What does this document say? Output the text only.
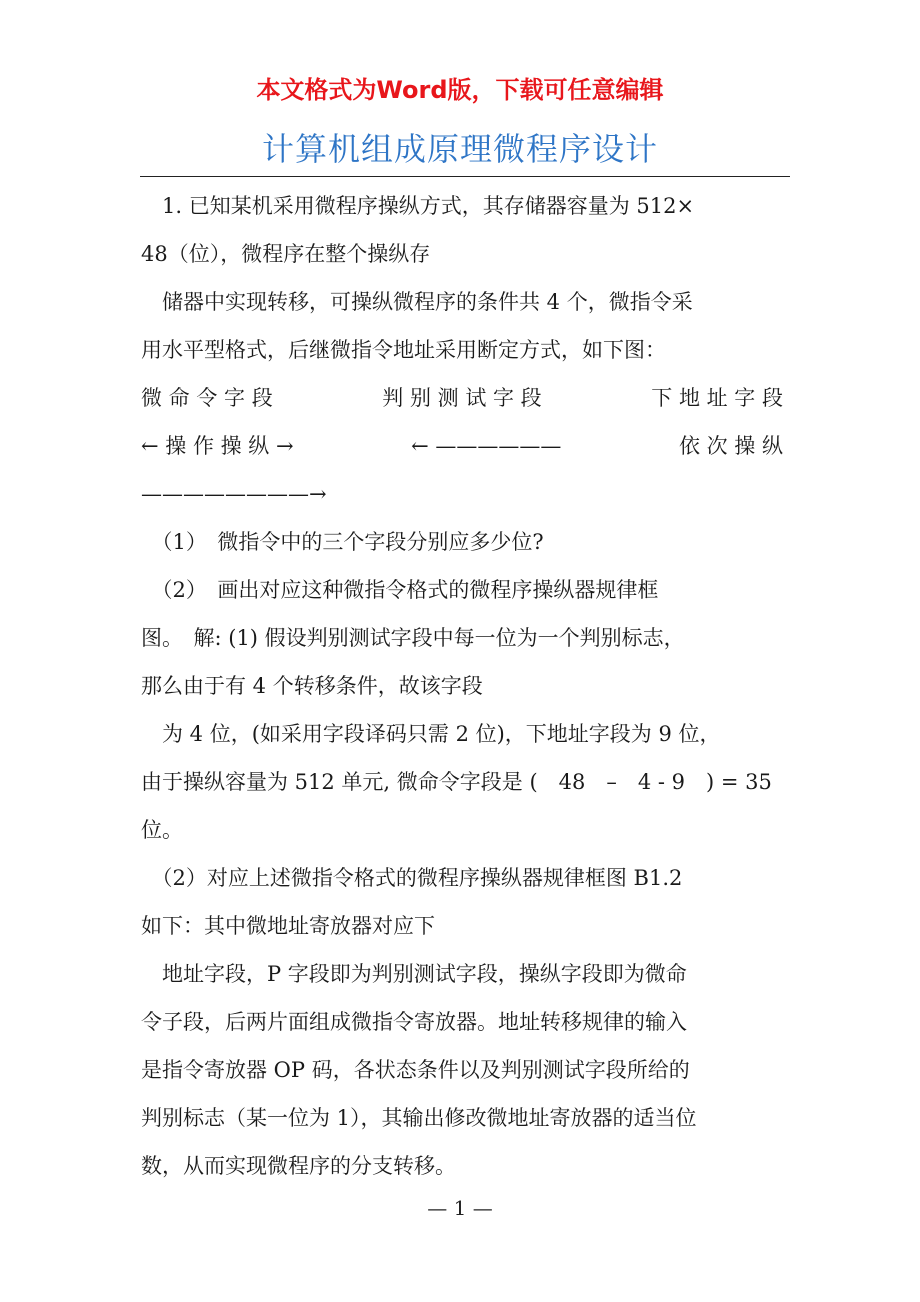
本文格式为Word版，下载可任意编辑
计算机组成原理微程序设计
　1. 已知某机采用微程序操纵方式，其存储器容量为 512×
48（位），微程序在整个操纵存
　储器中实现转移，可操纵微程序的条件共 4 个，微指令采
用水平型格式，后继微指令地址采用断定方式，如下图：
微 命 令 字 段	判 别 测 试 字 段	下 地 址 字 段
← 操 作 操 纵 →	← ——————	依 次 操 纵
————————→
　（1）　微指令中的三个字段分别应多少位?
　（2）　画出对应这种微指令格式的微程序操纵器规律框
图。　解: (1) 假设判别测试字段中每一位为一个判别标志，
那么由于有 4 个转移条件，故该字段
　为 4 位，(如采用字段译码只需 2 位)，下地址字段为 9 位，
由于操纵容量为 512 单元, 微命令字段是 (　48　–　4 - 9　) = 35
位。
　（2）对应上述微指令格式的微程序操纵器规律框图 B1.2
如下：其中微地址寄放器对应下
　地址字段，P 字段即为判别测试字段，操纵字段即为微命
令子段，后两片面组成微指令寄放器。地址转移规律的输入
是指令寄放器 OP 码，各状态条件以及判别测试字段所给的
判别标志（某一位为 1），其输出修改微地址寄放器的适当位
数，从而实现微程序的分支转移。
— 1 —
